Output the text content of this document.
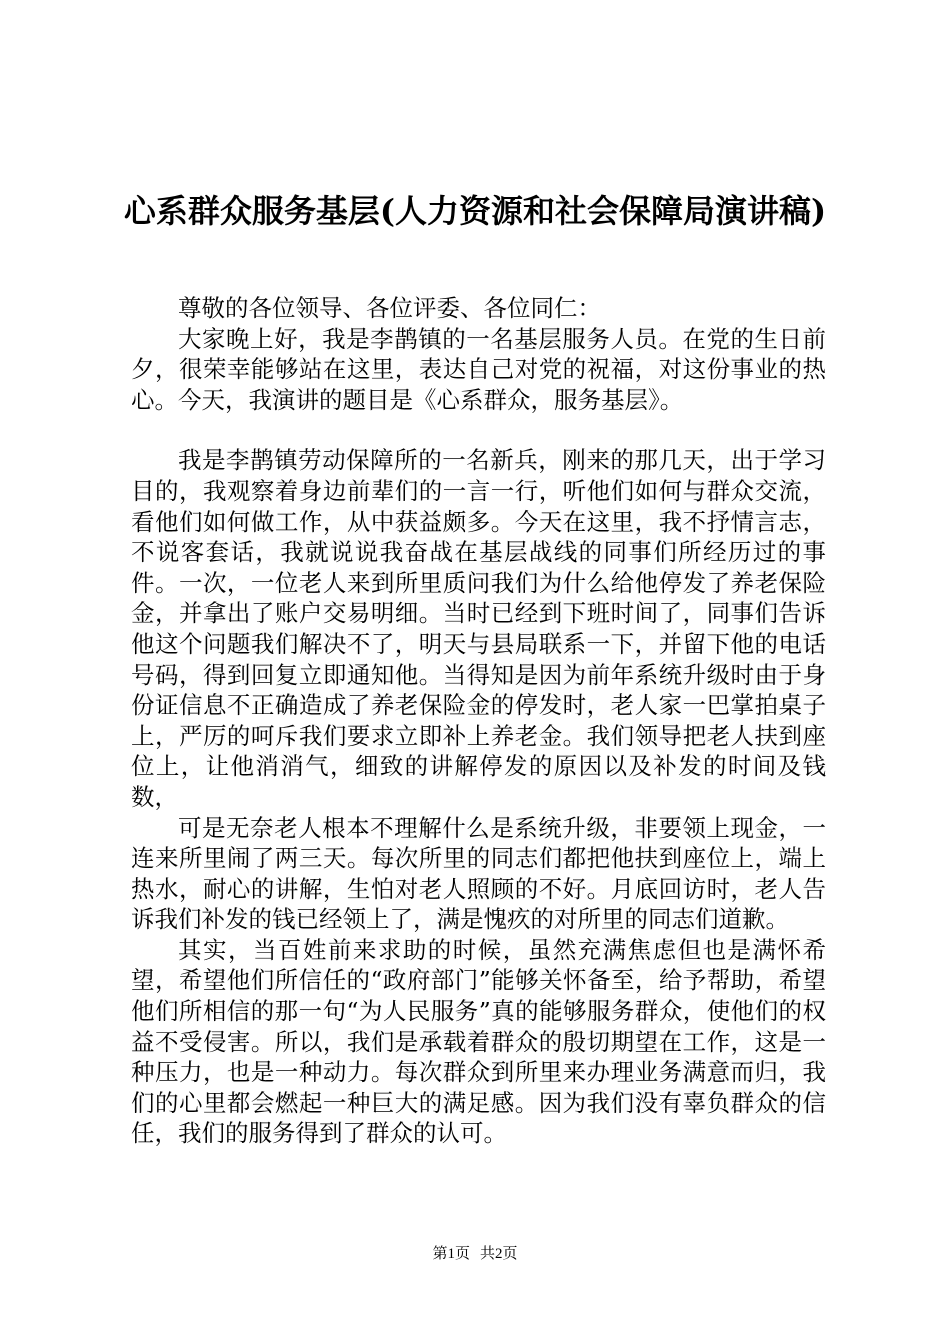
心系群众服务基层(人力资源和社会保障局演讲稿)

尊敬的各位领导、各位评委、各位同仁：

大家晚上好，我是李鹊镇的一名基层服务人员。在党的生日前夕，很荣幸能够站在这里，表达自己对党的祝福，对这份事业的热心。今天，我演讲的题目是《心系群众，服务基层》。

我是李鹊镇劳动保障所的一名新兵，刚来的那几天，出于学习目的，我观察着身边前辈们的一言一行，听他们如何与群众交流，看他们如何做工作，从中获益颇多。今天在这里，我不抒情言志，不说客套话，我就说说我奋战在基层战线的同事们所经历过的事件。一次，一位老人来到所里质问我们为什么给他停发了养老保险金，并拿出了账户交易明细。当时已经到下班时间了，同事们告诉他这个问题我们解决不了，明天与县局联系一下，并留下他的电话号码，得到回复立即通知他。当得知是因为前年系统升级时由于身份证信息不正确造成了养老保险金的停发时，老人家一巴掌拍桌子上，严厉的呵斥我们要求立即补上养老金。我们领导把老人扶到座位上，让他消消气，细致的讲解停发的原因以及补发的时间及钱数，

可是无奈老人根本不理解什么是系统升级，非要领上现金，一连来所里闹了两三天。每次所里的同志们都把他扶到座位上，端上热水，耐心的讲解，生怕对老人照顾的不好。月底回访时，老人告诉我们补发的钱已经领上了，满是愧疚的对所里的同志们道歉。

其实，当百姓前来求助的时候，虽然充满焦虑但也是满怀希望，希望他们所信任的“政府部门”能够关怀备至，给予帮助，希望他们所相信的那一句“为人民服务”真的能够服务群众，使他们的权益不受侵害。所以，我们是承载着群众的殷切期望在工作，这是一种压力，也是一种动力。每次群众到所里来办理业务满意而归，我们的心里都会燃起一种巨大的满足感。因为我们没有辜负群众的信任，我们的服务得到了群众的认可。

第1页 共2页
